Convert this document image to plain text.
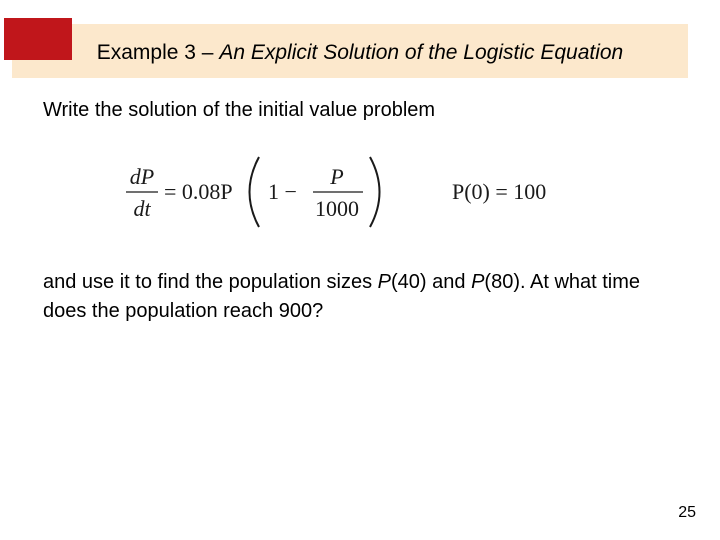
Example 3 – An Explicit Solution of the Logistic Equation
Write the solution of the initial value problem
dP
dt
= 0.08P 1 −
P
1000
P(0) = 100
and use it to find the population sizes P(40) and P(80). At what time does the population reach 900?
25
